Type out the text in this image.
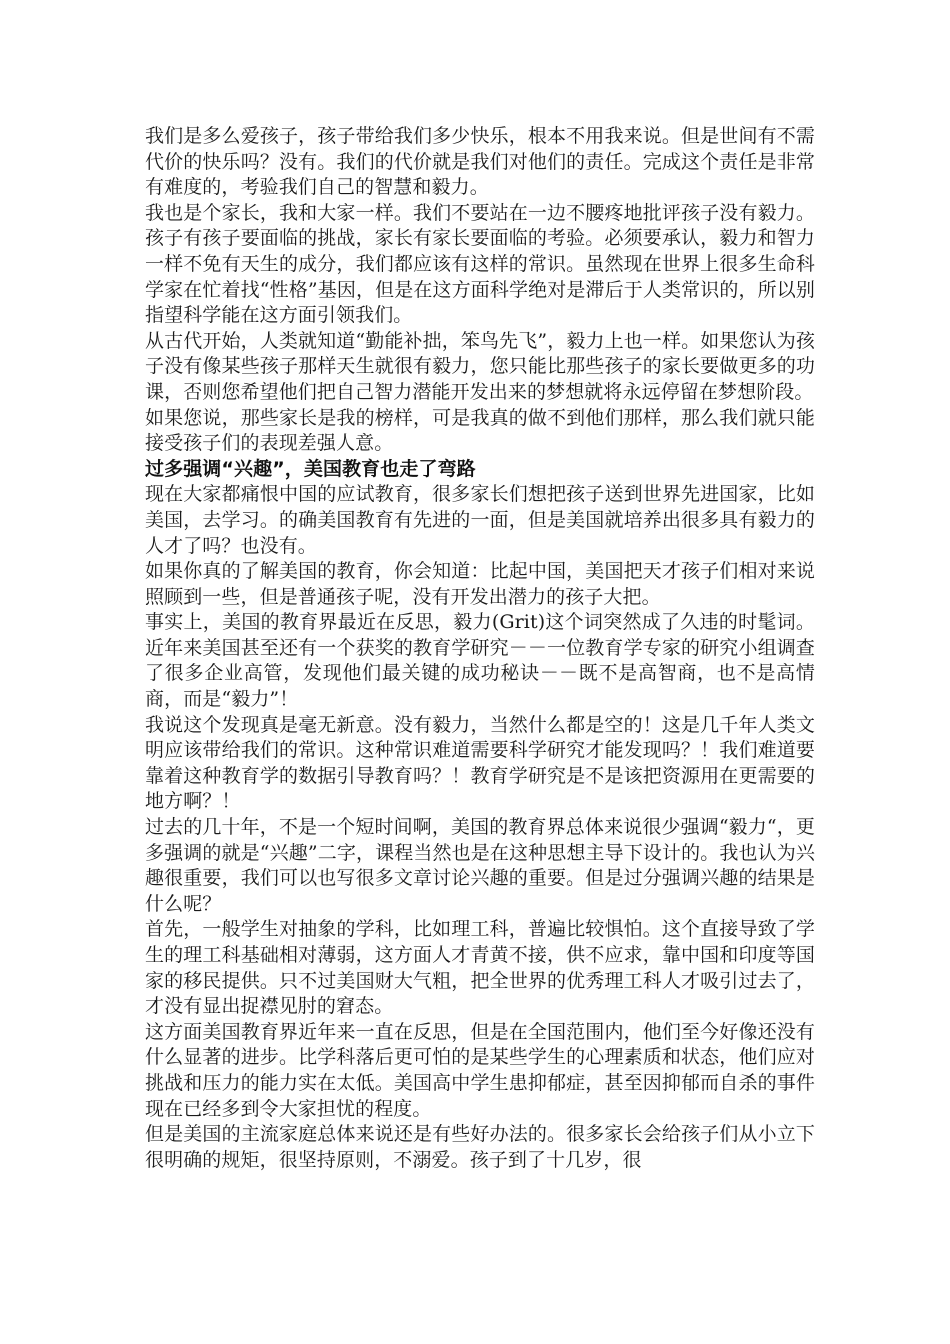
我们是多么爱孩子，孩子带给我们多少快乐，根本不用我来说。但是世间有不需代价的快乐吗？没有。我们的代价就是我们对他们的责任。完成这个责任是非常有难度的，考验我们自己的智慧和毅力。

我也是个家长，我和大家一样。我们不要站在一边不腰疼地批评孩子没有毅力。孩子有孩子要面临的挑战，家长有家长要面临的考验。必须要承认，毅力和智力一样不免有天生的成分，我们都应该有这样的常识。虽然现在世界上很多生命科学家在忙着找“性格”基因，但是在这方面科学绝对是滞后于人类常识的，所以别指望科学能在这方面引领我们。

从古代开始，人类就知道“勤能补拙，笨鸟先飞”，毅力上也一样。如果您认为孩子没有像某些孩子那样天生就很有毅力，您只能比那些孩子的家长要做更多的功课，否则您希望他们把自己智力潜能开发出来的梦想就将永远停留在梦想阶段。

如果您说，那些家长是我的榜样，可是我真的做不到他们那样，那么我们就只能接受孩子们的表现差强人意。

过多强调“兴趣”，美国教育也走了弯路

现在大家都痛恨中国的应试教育，很多家长们想把孩子送到世界先进国家，比如美国，去学习。的确美国教育有先进的一面，但是美国就培养出很多具有毅力的人才了吗？也没有。

如果你真的了解美国的教育，你会知道：比起中国，美国把天才孩子们相对来说照顾到一些，但是普通孩子呢，没有开发出潜力的孩子大把。

事实上，美国的教育界最近在反思，毅力(Grit)这个词突然成了久违的时髦词。近年来美国甚至还有一个获奖的教育学研究－－一位教育学专家的研究小组调查了很多企业高管，发现他们最关键的成功秘诀－－既不是高智商，也不是高情商，而是“毅力”！

我说这个发现真是毫无新意。没有毅力，当然什么都是空的！这是几千年人类文明应该带给我们的常识。这种常识难道需要科学研究才能发现吗？！我们难道要靠着这种教育学的数据引导教育吗？！教育学研究是不是该把资源用在更需要的地方啊？！

过去的几十年，不是一个短时间啊，美国的教育界总体来说很少强调“毅力“，更多强调的就是“兴趣”二字，课程当然也是在这种思想主导下设计的。我也认为兴趣很重要，我们可以也写很多文章讨论兴趣的重要。但是过分强调兴趣的结果是什么呢？

首先，一般学生对抽象的学科，比如理工科，普遍比较惧怕。这个直接导致了学生的理工科基础相对薄弱，这方面人才青黄不接，供不应求，靠中国和印度等国家的移民提供。只不过美国财大气粗，把全世界的优秀理工科人才吸引过去了，才没有显出捉襟见肘的窘态。

这方面美国教育界近年来一直在反思，但是在全国范围内，他们至今好像还没有什么显著的进步。比学科落后更可怕的是某些学生的心理素质和状态，他们应对挑战和压力的能力实在太低。美国高中学生患抑郁症，甚至因抑郁而自杀的事件现在已经多到令大家担忧的程度。

但是美国的主流家庭总体来说还是有些好办法的。很多家长会给孩子们从小立下很明确的规矩，很坚持原则，不溺爱。孩子到了十几岁，很
